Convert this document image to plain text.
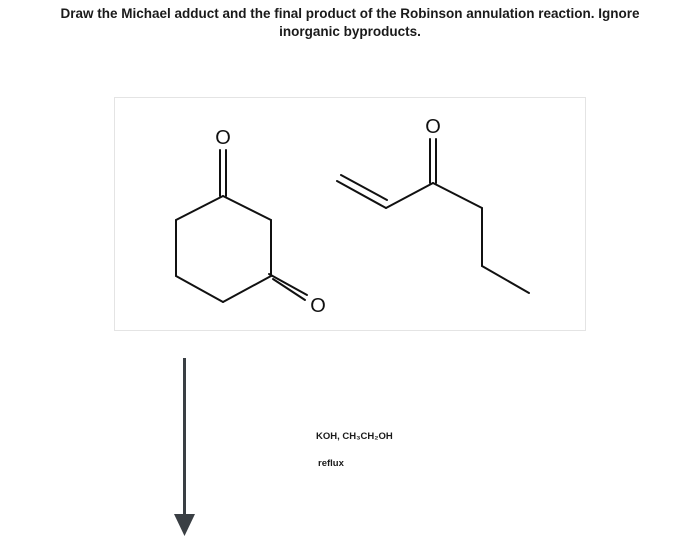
Draw the Michael adduct and the final product of the Robinson annulation reaction. Ignore
inorganic byproducts.
O
O
O
KOH, CH₃CH₂OH
reflux
